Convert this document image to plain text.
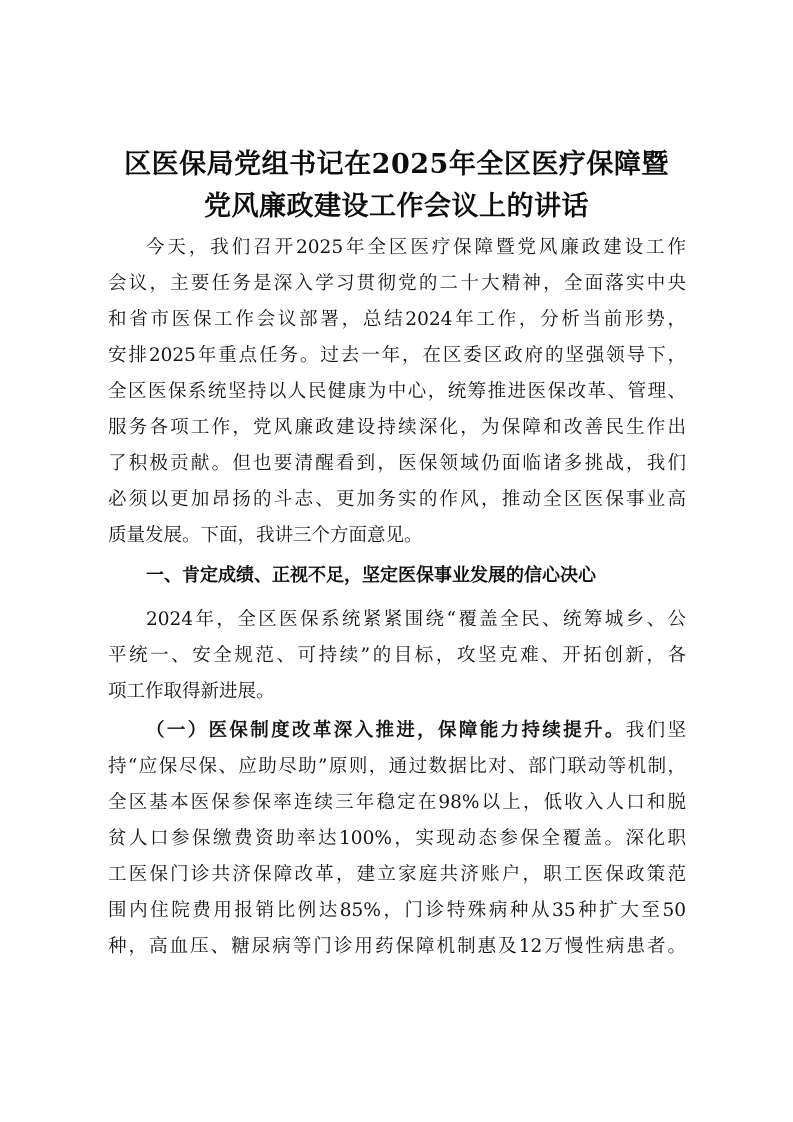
区医保局党组书记在2025年全区医疗保障暨
党风廉政建设工作会议上的讲话
今天，我们召开2025年全区医疗保障暨党风廉政建设工作
会议，主要任务是深入学习贯彻党的二十大精神，全面落实中央
和省市医保工作会议部署，总结2024年工作，分析当前形势，
安排2025年重点任务。过去一年，在区委区政府的坚强领导下，
全区医保系统坚持以人民健康为中心，统筹推进医保改革、管理、
服务各项工作，党风廉政建设持续深化，为保障和改善民生作出
了积极贡献。但也要清醒看到，医保领域仍面临诸多挑战，我们
必须以更加昂扬的斗志、更加务实的作风，推动全区医保事业高
质量发展。下面，我讲三个方面意见。
一、肯定成绩、正视不足，坚定医保事业发展的信心决心
2024年，全区医保系统紧紧围绕“覆盖全民、统筹城乡、公
平统一、安全规范、可持续”的目标，攻坚克难、开拓创新，各
项工作取得新进展。
（一）医保制度改革深入推进，保障能力持续提升。我们坚
持“应保尽保、应助尽助”原则，通过数据比对、部门联动等机制，
全区基本医保参保率连续三年稳定在98%以上，低收入人口和脱
贫人口参保缴费资助率达100%，实现动态参保全覆盖。深化职
工医保门诊共济保障改革，建立家庭共济账户，职工医保政策范
围内住院费用报销比例达85%，门诊特殊病种从35种扩大至50
种，高血压、糖尿病等门诊用药保障机制惠及12万慢性病患者。
